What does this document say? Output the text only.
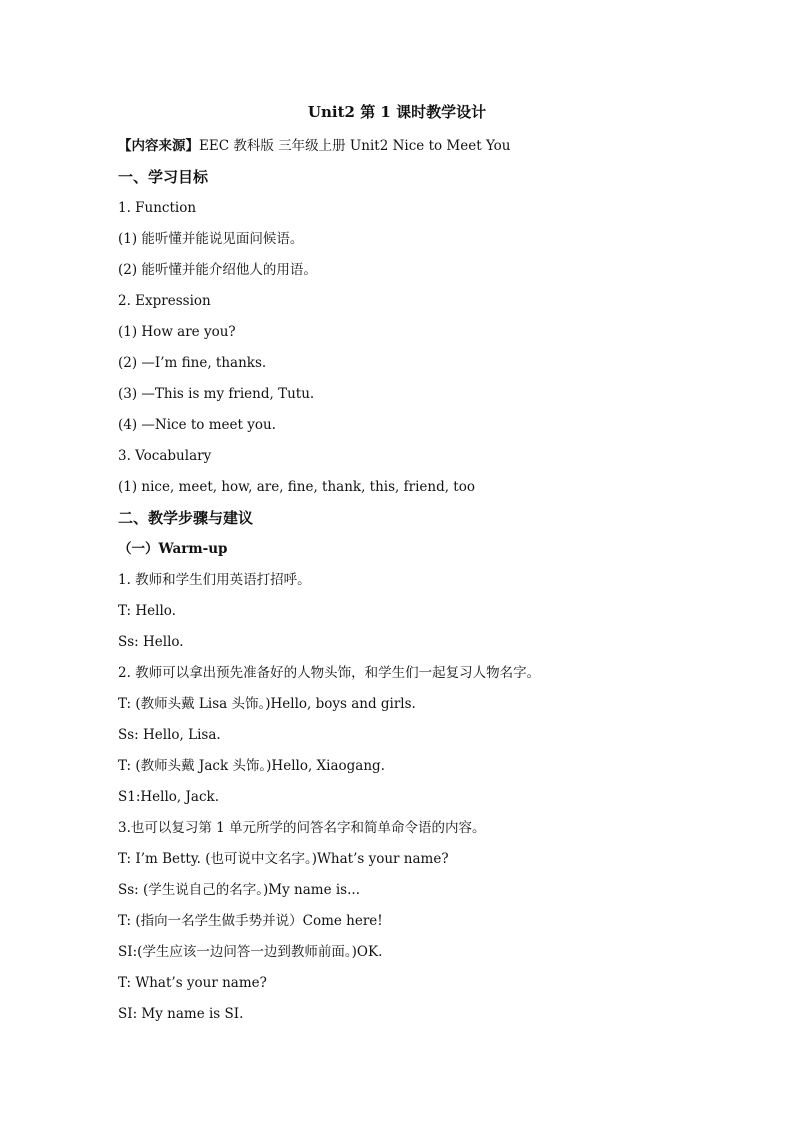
Unit2 第 1 课时教学设计
【内容来源】EEC 教科版 三年级上册 Unit2 Nice to Meet You
一、学习目标
1. Function
(1) 能听懂并能说见面问候语。
(2) 能听懂并能介绍他人的用语。
2. Expression
(1) How are you?
(2) —I’m fine, thanks.
(3) —This is my friend, Tutu.
(4) —Nice to meet you.
3. Vocabulary
(1) nice, meet, how, are, fine, thank, this, friend, too
二、教学步骤与建议
（一）Warm-up
1. 教师和学生们用英语打招呼。
T: Hello.
Ss: Hello.
2. 教师可以拿出预先准备好的人物头饰，和学生们一起复习人物名字。
T: (教师头戴 Lisa 头饰。)Hello, boys and girls.
Ss: Hello, Lisa.
T: (教师头戴 Jack 头饰。)Hello, Xiaogang.
S1:Hello, Jack.
3.也可以复习第 1 单元所学的问答名字和简单命令语的内容。
T: I’m Betty. (也可说中文名字。)What’s your name?
Ss: (学生说自己的名字。)My name is...
T: (指向一名学生做手势并说）Come here!
SI:(学生应该一边问答一边到教师前面。)OK.
T: What’s your name?
SI: My name is SI.
